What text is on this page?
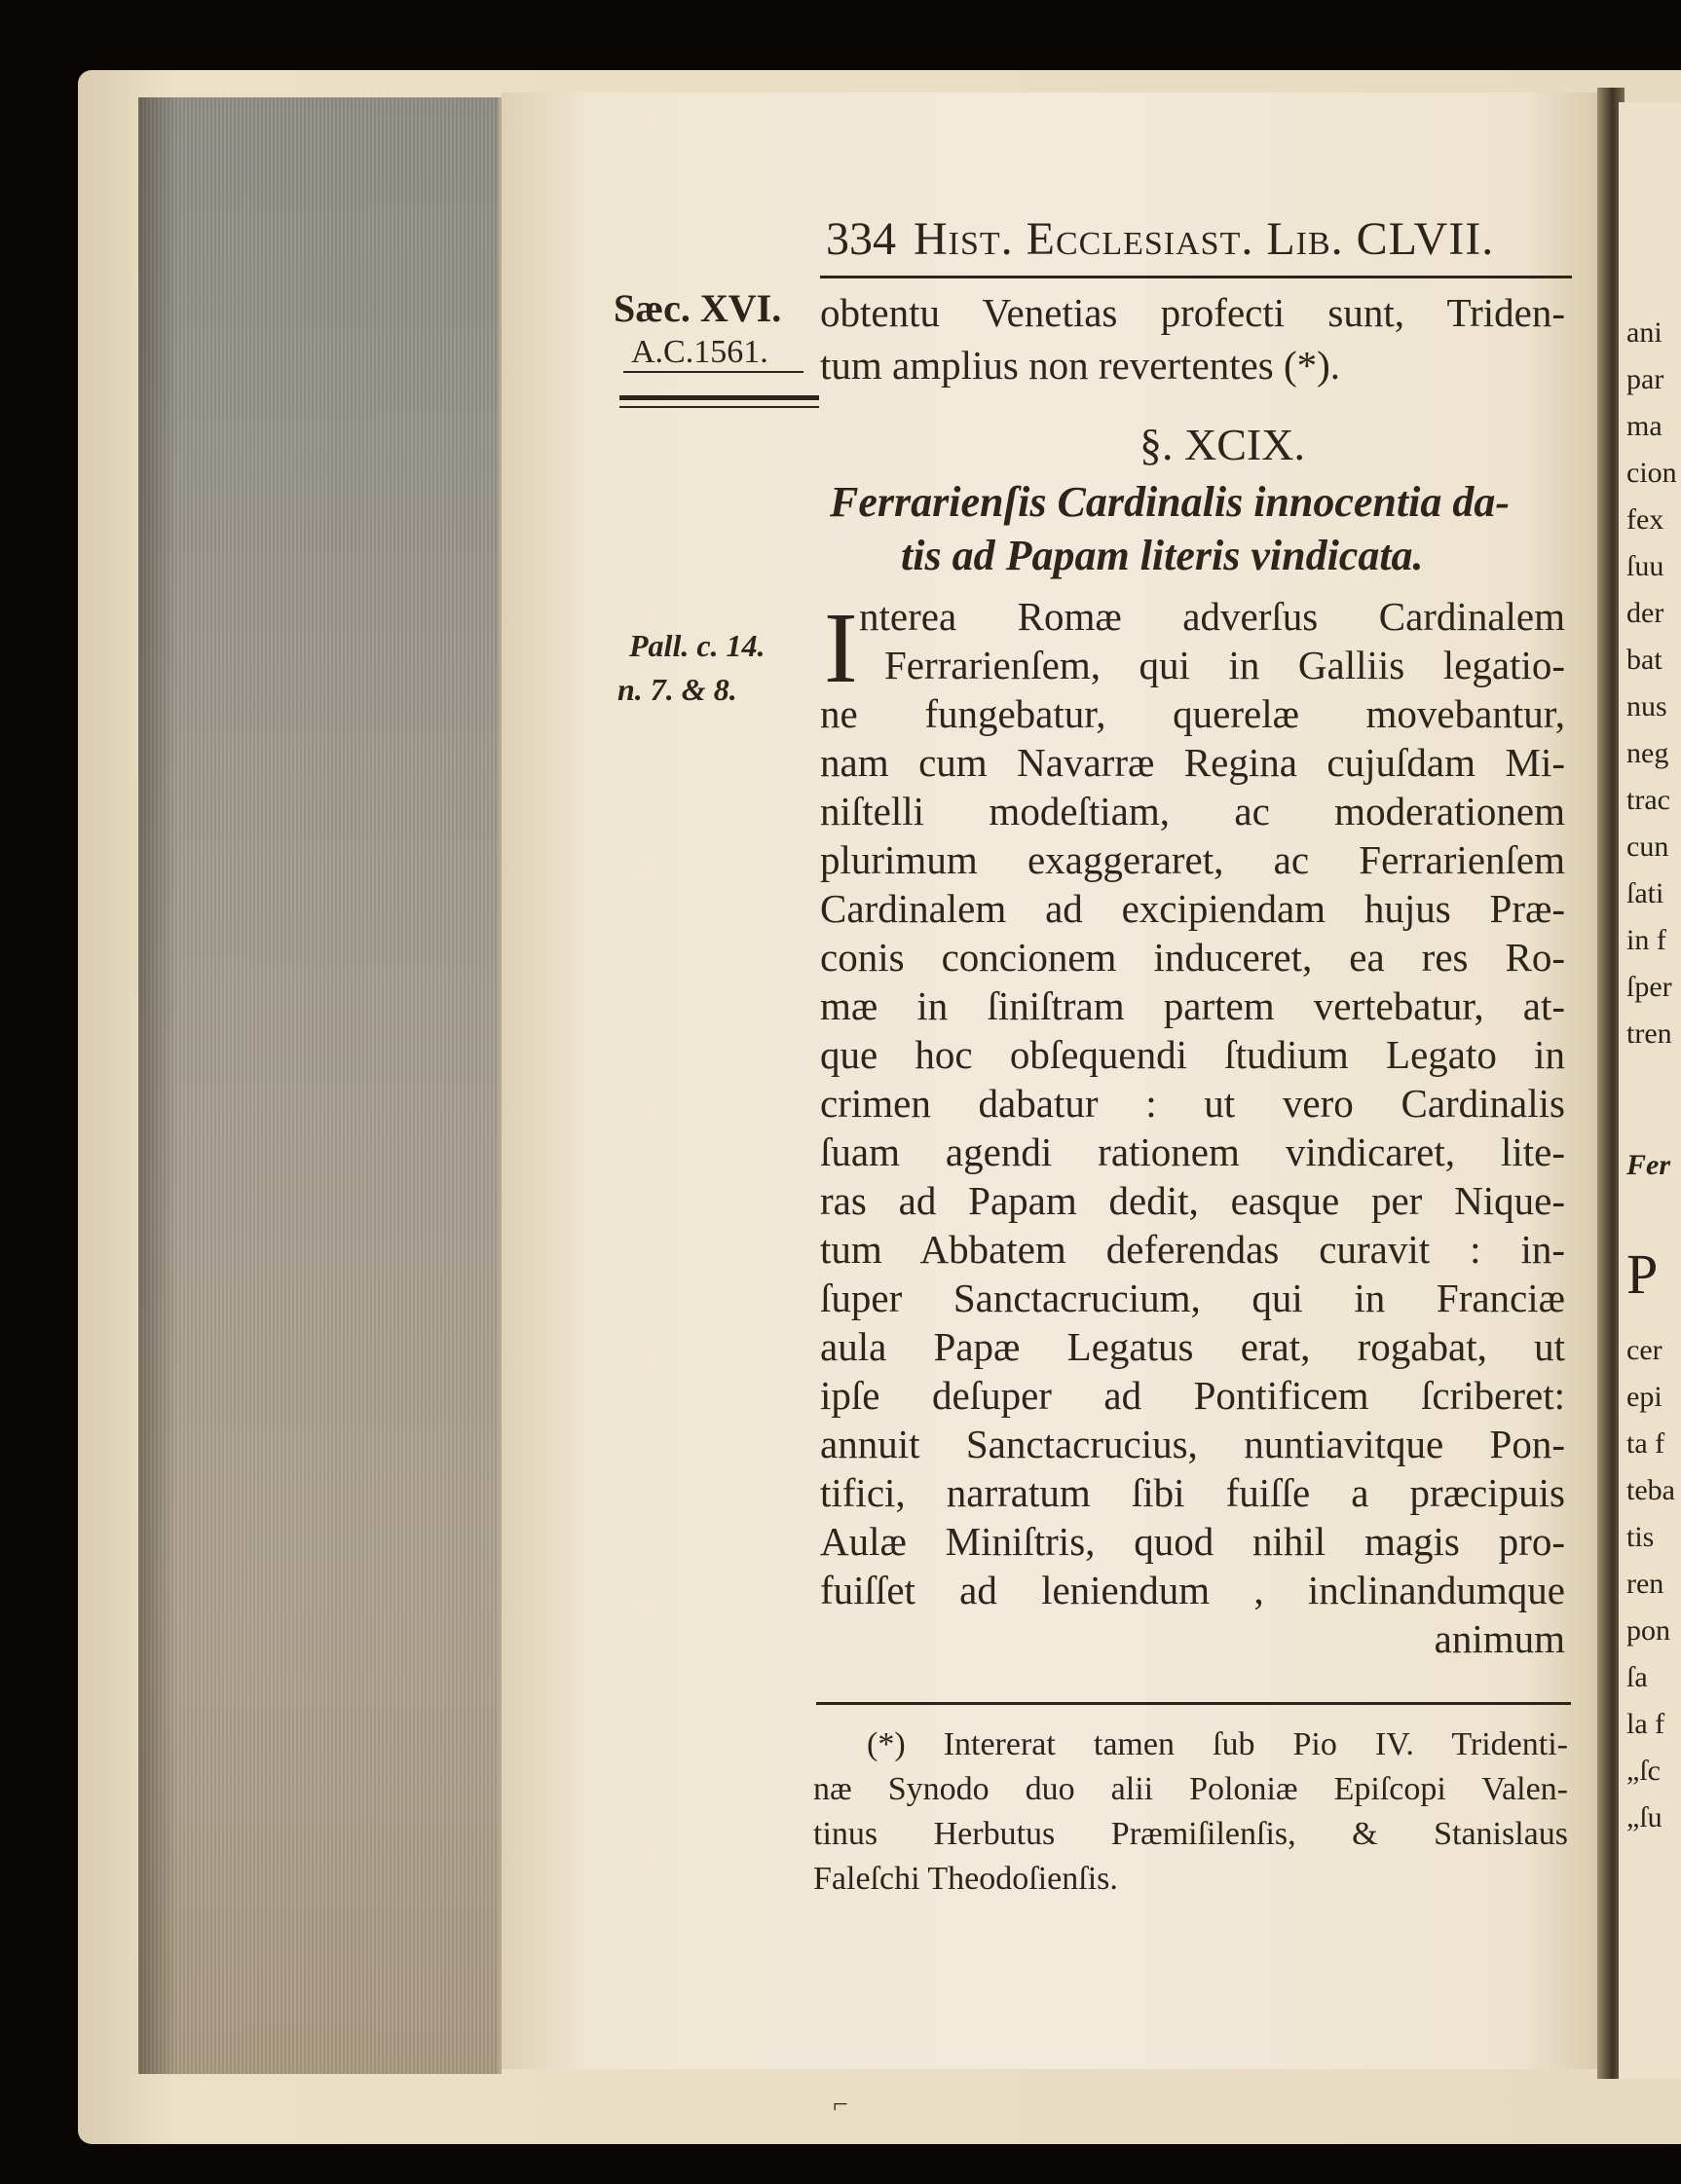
ani
par
ma
cion
fex
ſuu
der
bat
nus
neg
trac
cun
ſati
in f
ſper
tren
Fer
P
cer
epi
ta f
teba
tis
ren
pon
ſa
la f
„ſc
„ſu
334 Hist. Ecclesiast. Lib. CLVII.
Sæc. XVI.
A.C.1561.
Pall. c. 14.
n. 7. & 8.
obtentu Venetias profecti sunt, Triden-
tum amplius non revertentes (*).
§. XCIX.
Ferrarienſis Cardinalis innocentia da-
tis ad Papam literis vindicata.
I nterea Romæ adverſus Cardinalem
Ferrarienſem, qui in Galliis legatio-
ne fungebatur, querelæ movebantur,
nam cum Navarræ Regina cujuſdam Mi-
niſtelli modeſtiam, ac moderationem
plurimum exaggeraret, ac Ferrarienſem
Cardinalem ad excipiendam hujus Præ-
conis concionem induceret, ea res Ro-
mæ in ſiniſtram partem vertebatur, at-
que hoc obſequendi ſtudium Legato in
crimen dabatur : ut vero Cardinalis
ſuam agendi rationem vindicaret, lite-
ras ad Papam dedit, easque per Nique-
tum Abbatem deferendas curavit : in-
ſuper Sanctacrucium, qui in Franciæ
aula Papæ Legatus erat, rogabat, ut
ipſe deſuper ad Pontificem ſcriberet:
annuit Sanctacrucius, nuntiavitque Pon-
tifici, narratum ſibi fuiſſe a præcipuis
Aulæ Miniſtris, quod nihil magis pro-
fuiſſet ad leniendum , inclinandumque
animum
(*) Intererat tamen ſub Pio IV. Tridenti-
næ Synodo duo alii Poloniæ Epiſcopi Valen-
tinus Herbutus Præmiſilenſis, & Stanislaus
Faleſchi Theodoſienſis.
⌐
